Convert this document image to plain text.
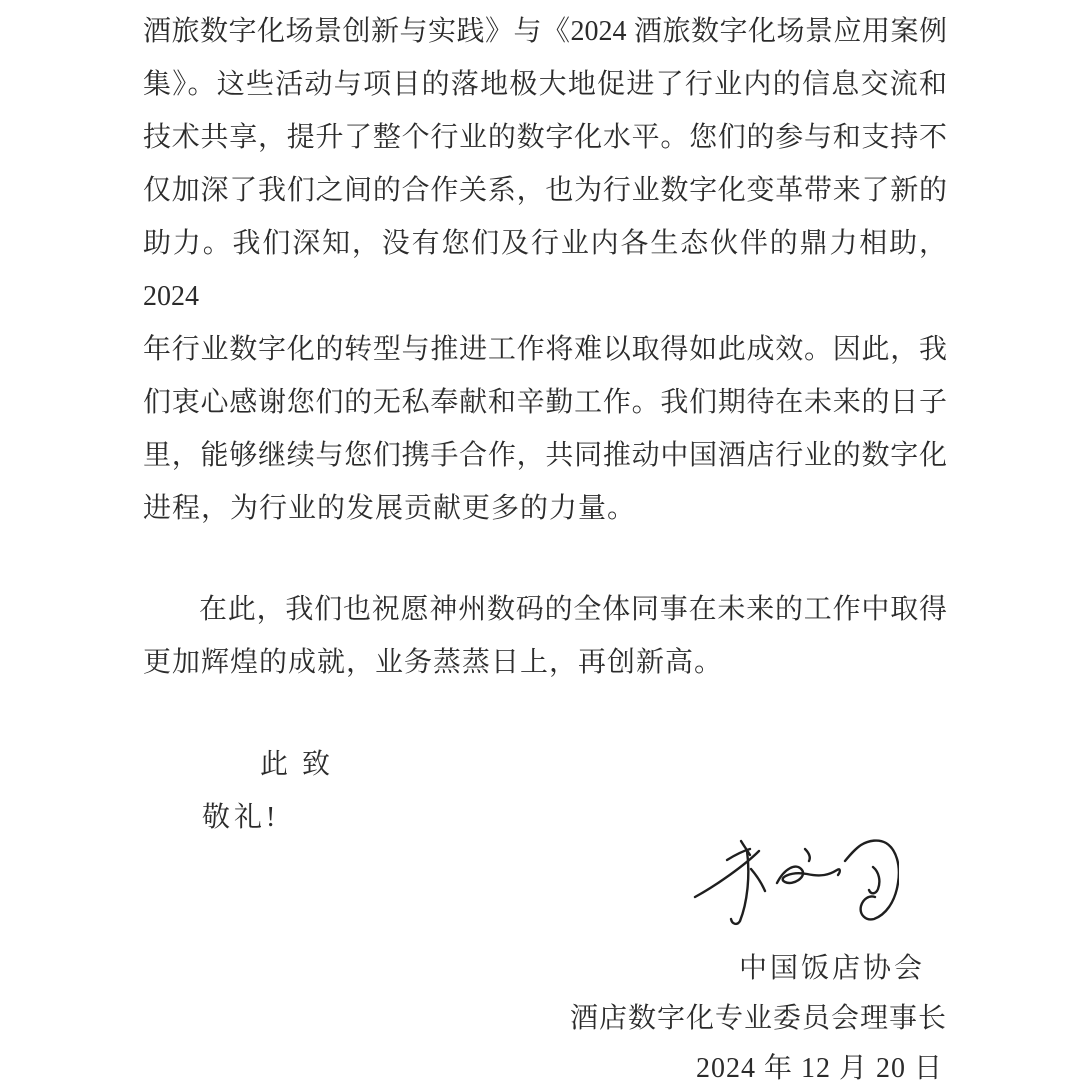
酒旅数字化场景创新与实践》与《2024 酒旅数字化场景应用案例
集》。这些活动与项目的落地极大地促进了行业内的信息交流和
技术共享，提升了整个行业的数字化水平。您们的参与和支持不
仅加深了我们之间的合作关系，也为行业数字化变革带来了新的
助力。我们深知，没有您们及行业内各生态伙伴的鼎力相助，2024
年行业数字化的转型与推进工作将难以取得如此成效。因此，我
们衷心感谢您们的无私奉献和辛勤工作。我们期待在未来的日子
里，能够继续与您们携手合作，共同推动中国酒店行业的数字化
进程，为行业的发展贡献更多的力量。
在此，我们也祝愿神州数码的全体同事在未来的工作中取得
更加辉煌的成就，业务蒸蒸日上，再创新高。
此致
敬礼!
中国饭店协会
酒店数字化专业委员会理事长
2024 年 12 月 20 日
